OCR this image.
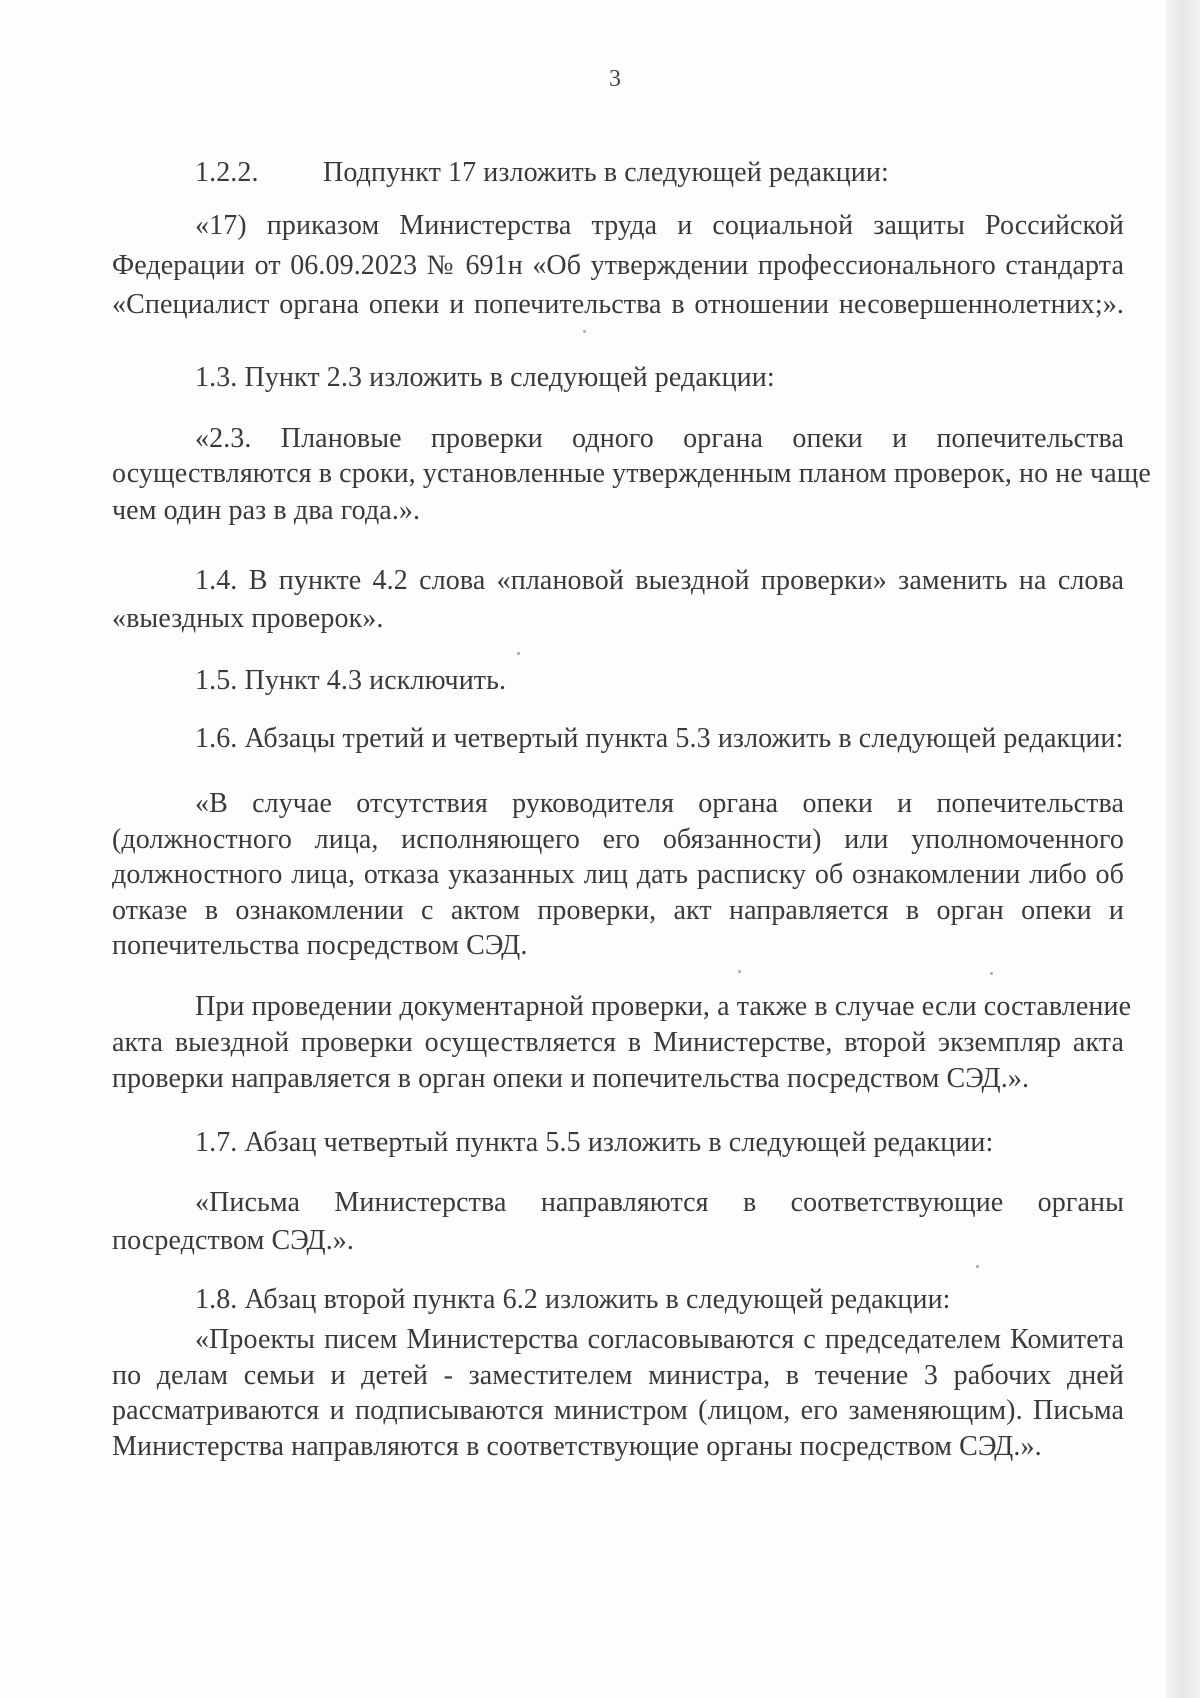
3
1.2.2. Подпункт 17 изложить в следующей редакции:
«17) приказом Министерства труда и социальной защиты Российской
Федерации от 06.09.2023 № 691н «Об утверждении профессионального стандарта
«Специалист органа опеки и попечительства в отношении несовершеннолетних;».
1.3. Пункт 2.3 изложить в следующей редакции:
«2.3. Плановые проверки одного органа опеки и попечительства
осуществляются в сроки, установленные утвержденным планом проверок, но не чаще
чем один раз в два года.».
1.4. В пункте 4.2 слова «плановой выездной проверки» заменить на слова
«выездных проверок».
1.5. Пункт 4.3 исключить.
1.6. Абзацы третий и четвертый пункта 5.3 изложить в следующей редакции:
«В случае отсутствия руководителя органа опеки и попечительства
(должностного лица, исполняющего его обязанности) или уполномоченного
должностного лица, отказа указанных лиц дать расписку об ознакомлении либо об
отказе в ознакомлении с актом проверки, акт направляется в орган опеки и
попечительства посредством СЭД.
При проведении документарной проверки, а также в случае если составление
акта выездной проверки осуществляется в Министерстве, второй экземпляр акта
проверки направляется в орган опеки и попечительства посредством СЭД.».
1.7. Абзац четвертый пункта 5.5 изложить в следующей редакции:
«Письма Министерства направляются в соответствующие органы
посредством СЭД.».
1.8. Абзац второй пункта 6.2 изложить в следующей редакции:
«Проекты писем Министерства согласовываются с председателем Комитета
по делам семьи и детей - заместителем министра, в течение 3 рабочих дней
рассматриваются и подписываются министром (лицом, его заменяющим). Письма
Министерства направляются в соответствующие органы посредством СЭД.».
